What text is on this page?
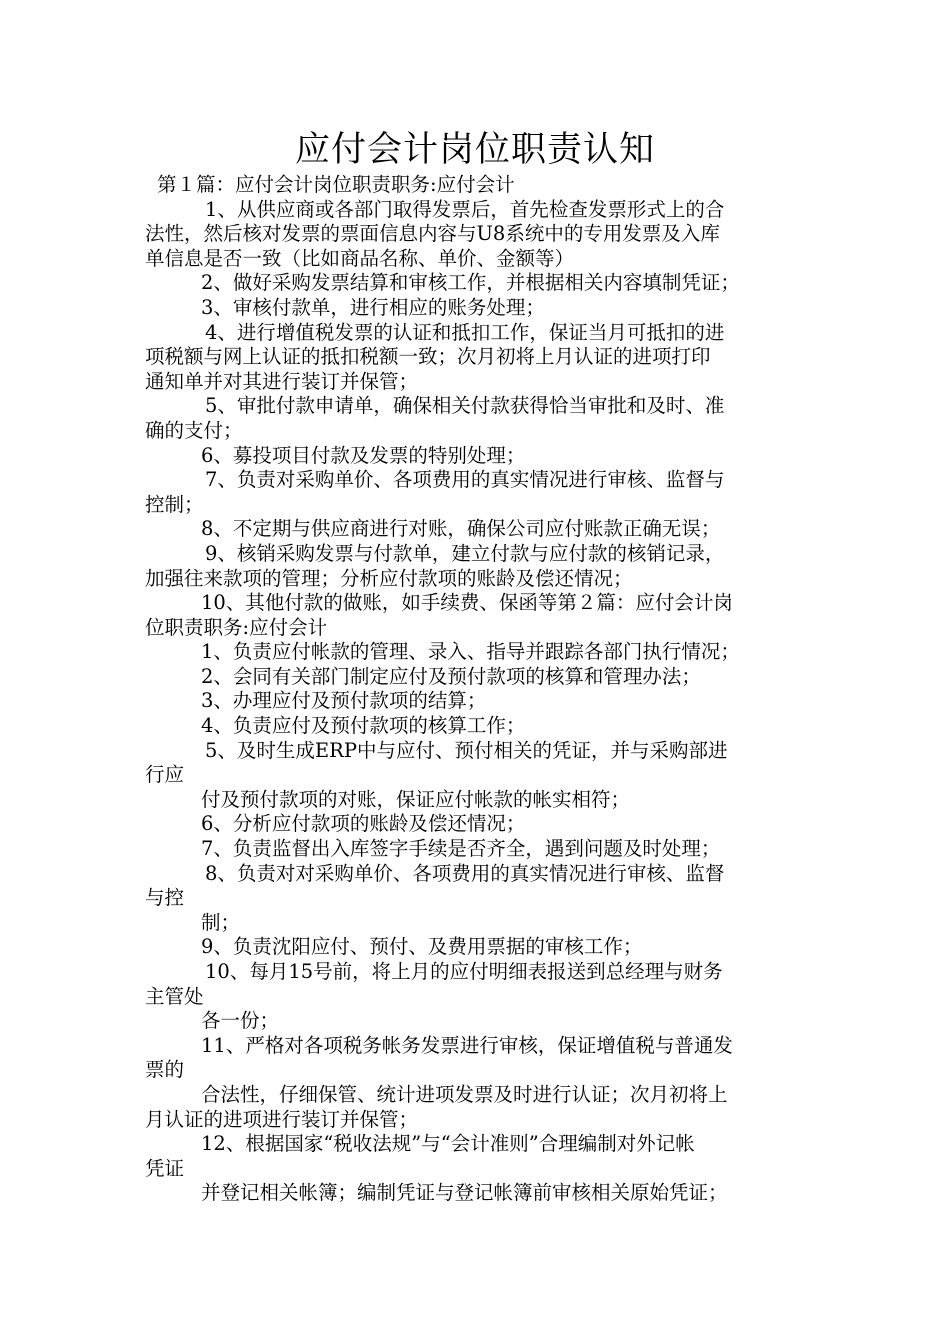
应付会计岗位职责认知
第１篇：应付会计岗位职责职务:应付会计
1、从供应商或各部门取得发票后，首先检查发票形式上的合
法性，然后核对发票的票面信息内容与U8系统中的专用发票及入库
单信息是否一致（比如商品名称、单价、金额等）
2、做好采购发票结算和审核工作，并根据相关内容填制凭证；
3、审核付款单，进行相应的账务处理；
4、进行增值税发票的认证和抵扣工作，保证当月可抵扣的进
项税额与网上认证的抵扣税额一致；次月初将上月认证的进项打印
通知单并对其进行装订并保管；
5、审批付款申请单，确保相关付款获得恰当审批和及时、准
确的支付；
6、募投项目付款及发票的特别处理；
7、负责对采购单价、各项费用的真实情况进行审核、监督与
控制；
8、不定期与供应商进行对账，确保公司应付账款正确无误；
9、核销采购发票与付款单，建立付款与应付款的核销记录，
加强往来款项的管理；分析应付款项的账龄及偿还情况；
10、其他付款的做账，如手续费、保函等第２篇：应付会计岗
位职责职务:应付会计
1、负责应付帐款的管理、录入、指导并跟踪各部门执行情况；
2、会同有关部门制定应付及预付款项的核算和管理办法；
3、办理应付及预付款项的结算；
4、负责应付及预付款项的核算工作；
5、及时生成ERP中与应付、预付相关的凭证，并与采购部进
行应
付及预付款项的对账，保证应付帐款的帐实相符；
6、分析应付款项的账龄及偿还情况；
7、负责监督出入库签字手续是否齐全，遇到问题及时处理；
8、负责对对采购单价、各项费用的真实情况进行审核、监督
与控
制；
9、负责沈阳应付、预付、及费用票据的审核工作；
10、每月15号前，将上月的应付明细表报送到总经理与财务
主管处
各一份；
11、严格对各项税务帐务发票进行审核，保证增值税与普通发
票的
合法性，仔细保管、统计进项发票及时进行认证；次月初将上
月认证的进项进行装订并保管；
12、根据国家“税收法规”与“会计准则”合理编制对外记帐
凭证
并登记相关帐簿；编制凭证与登记帐簿前审核相关原始凭证；
